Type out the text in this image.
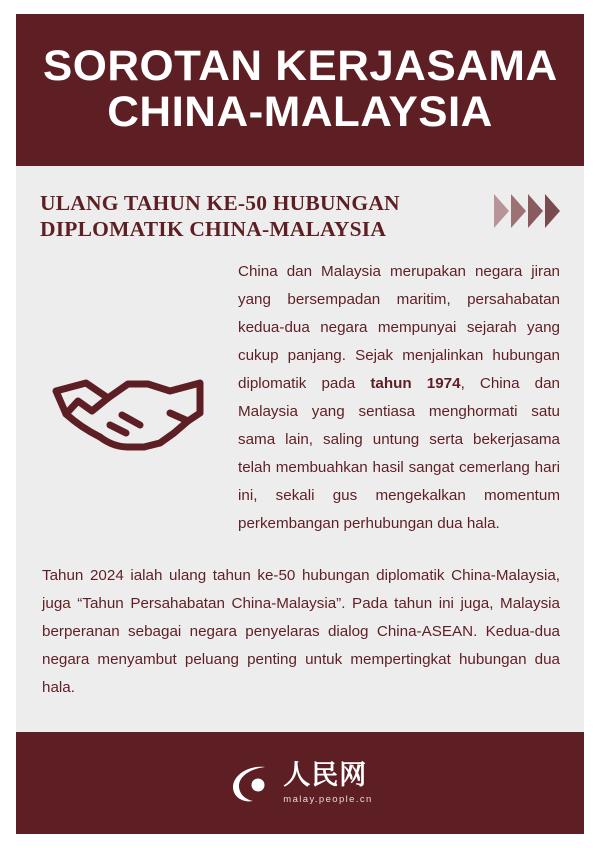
SOROTAN KERJASAMA
CHINA-MALAYSIA
ULANG TAHUN KE-50 HUBUNGAN
DIPLOMATIK CHINA-MALAYSIA
China dan Malaysia merupakan negara jiran yang bersempadan maritim, persahabatan kedua-dua negara mempunyai sejarah yang cukup panjang. Sejak menjalinkan hubungan diplomatik pada tahun 1974, China dan Malaysia yang sentiasa menghormati satu sama lain, saling untung serta bekerjasama telah membuahkan hasil sangat cemerlang hari ini, sekali gus mengekalkan momentum perkembangan perhubungan dua hala.
Tahun 2024 ialah ulang tahun ke-50 hubungan diplomatik China-Malaysia, juga “Tahun Persahabatan China-Malaysia”. Pada tahun ini juga, Malaysia berperanan sebagai negara penyelaras dialog China-ASEAN. Kedua-dua negara menyambut peluang penting untuk mempertingkat hubungan dua hala.
人民网
malay.people.cn
